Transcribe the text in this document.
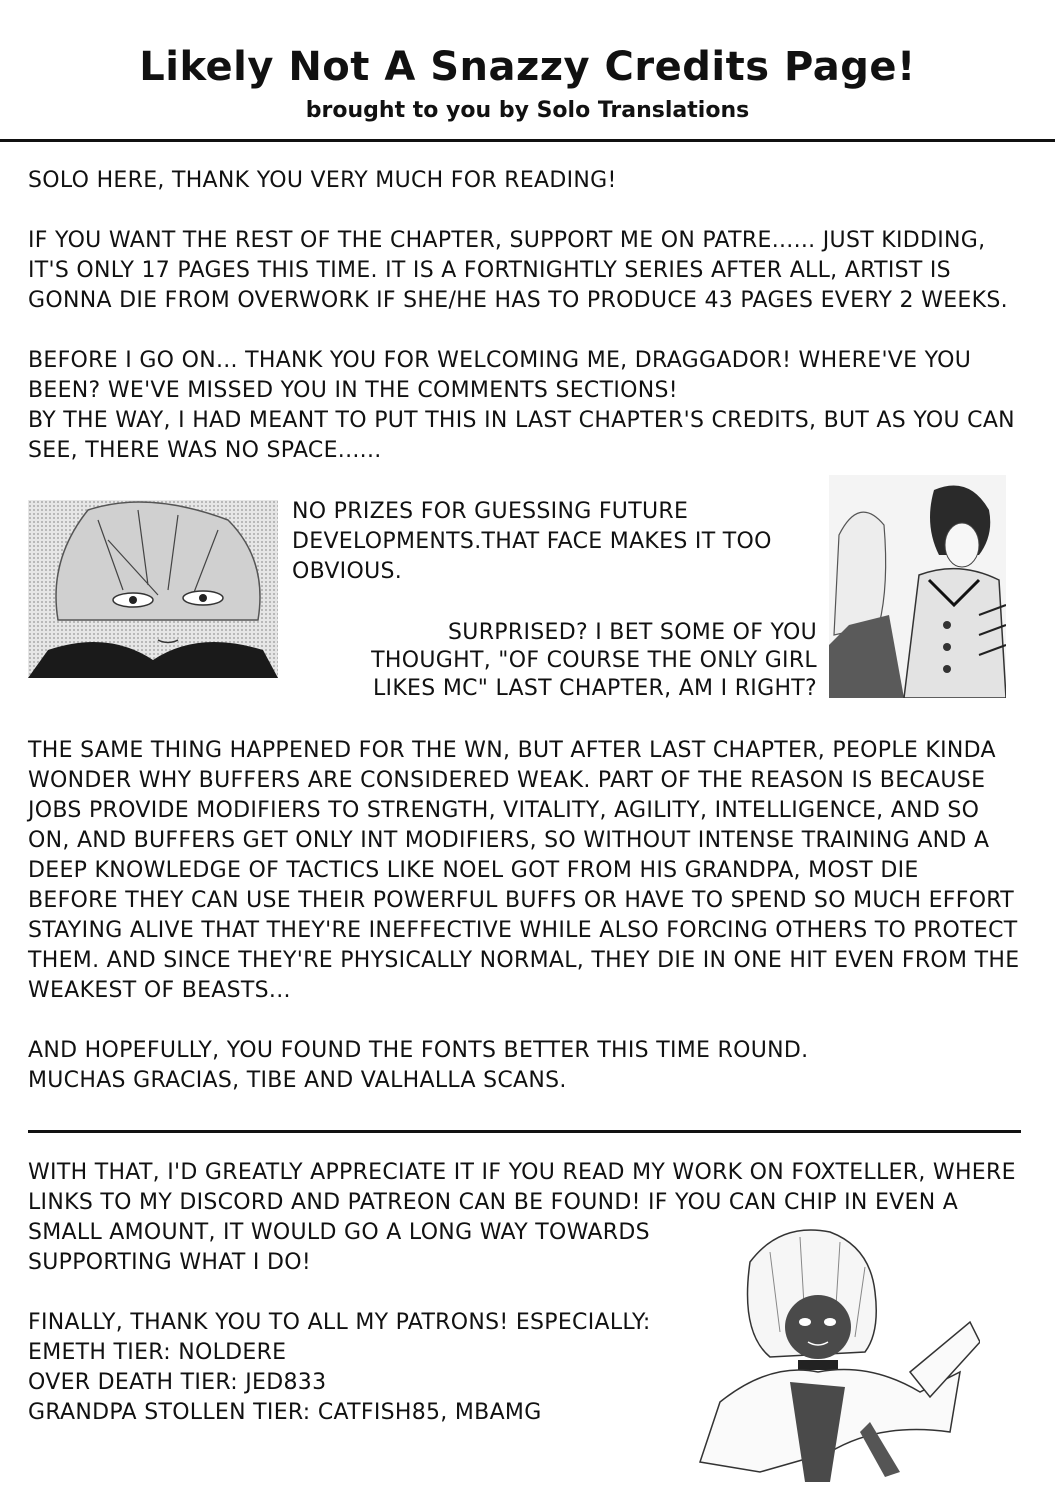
Likely Not A Snazzy Credits Page!
brought to you by Solo Translations

SOLO HERE, THANK YOU VERY MUCH FOR READING!

IF YOU WANT THE REST OF THE CHAPTER, SUPPORT ME ON PATRE...... JUST KIDDING,

IT'S ONLY 17 PAGES THIS TIME. IT IS A FORTNIGHTLY SERIES AFTER ALL, ARTIST IS

GONNA DIE FROM OVERWORK IF SHE/HE HAS TO PRODUCE 43 PAGES EVERY 2 WEEKS.

BEFORE I GO ON... THANK YOU FOR WELCOMING ME, DRAGGADOR! WHERE'VE YOU

BEEN? WE'VE MISSED YOU IN THE COMMENTS SECTIONS!

BY THE WAY, I HAD MEANT TO PUT THIS IN LAST CHAPTER'S CREDITS, BUT AS YOU CAN

SEE, THERE WAS NO SPACE......

NO PRIZES FOR GUESSING FUTURE

DEVELOPMENTS.THAT FACE MAKES IT TOO

OBVIOUS.

SURPRISED? I BET SOME OF YOU

THOUGHT, "OF COURSE THE ONLY GIRL

LIKES MC" LAST CHAPTER, AM I RIGHT?

THE SAME THING HAPPENED FOR THE WN, BUT AFTER LAST CHAPTER, PEOPLE KINDA

WONDER WHY BUFFERS ARE CONSIDERED WEAK. PART OF THE REASON IS BECAUSE

JOBS PROVIDE MODIFIERS TO STRENGTH, VITALITY, AGILITY, INTELLIGENCE, AND SO

ON, AND BUFFERS GET ONLY INT MODIFIERS, SO WITHOUT INTENSE TRAINING AND A

DEEP KNOWLEDGE OF TACTICS LIKE NOEL GOT FROM HIS GRANDPA, MOST DIE

BEFORE THEY CAN USE THEIR POWERFUL BUFFS OR HAVE TO SPEND SO MUCH EFFORT

STAYING ALIVE THAT THEY'RE INEFFECTIVE WHILE ALSO FORCING OTHERS TO PROTECT

THEM. AND SINCE THEY'RE PHYSICALLY NORMAL, THEY DIE IN ONE HIT EVEN FROM THE

WEAKEST OF BEASTS...

AND HOPEFULLY, YOU FOUND THE FONTS BETTER THIS TIME ROUND.

MUCHAS GRACIAS, TIBE AND VALHALLA SCANS.

WITH THAT, I'D GREATLY APPRECIATE IT IF YOU READ MY WORK ON FOXTELLER, WHERE

LINKS TO MY DISCORD AND PATREON CAN BE FOUND! IF YOU CAN CHIP IN EVEN A

SMALL AMOUNT, IT WOULD GO A LONG WAY TOWARDS

SUPPORTING WHAT I DO!

FINALLY, THANK YOU TO ALL MY PATRONS! ESPECIALLY:

EMETH TIER: NOLDERE

OVER DEATH TIER: JED833

GRANDPA STOLLEN TIER: CATFISH85, MBAMG
